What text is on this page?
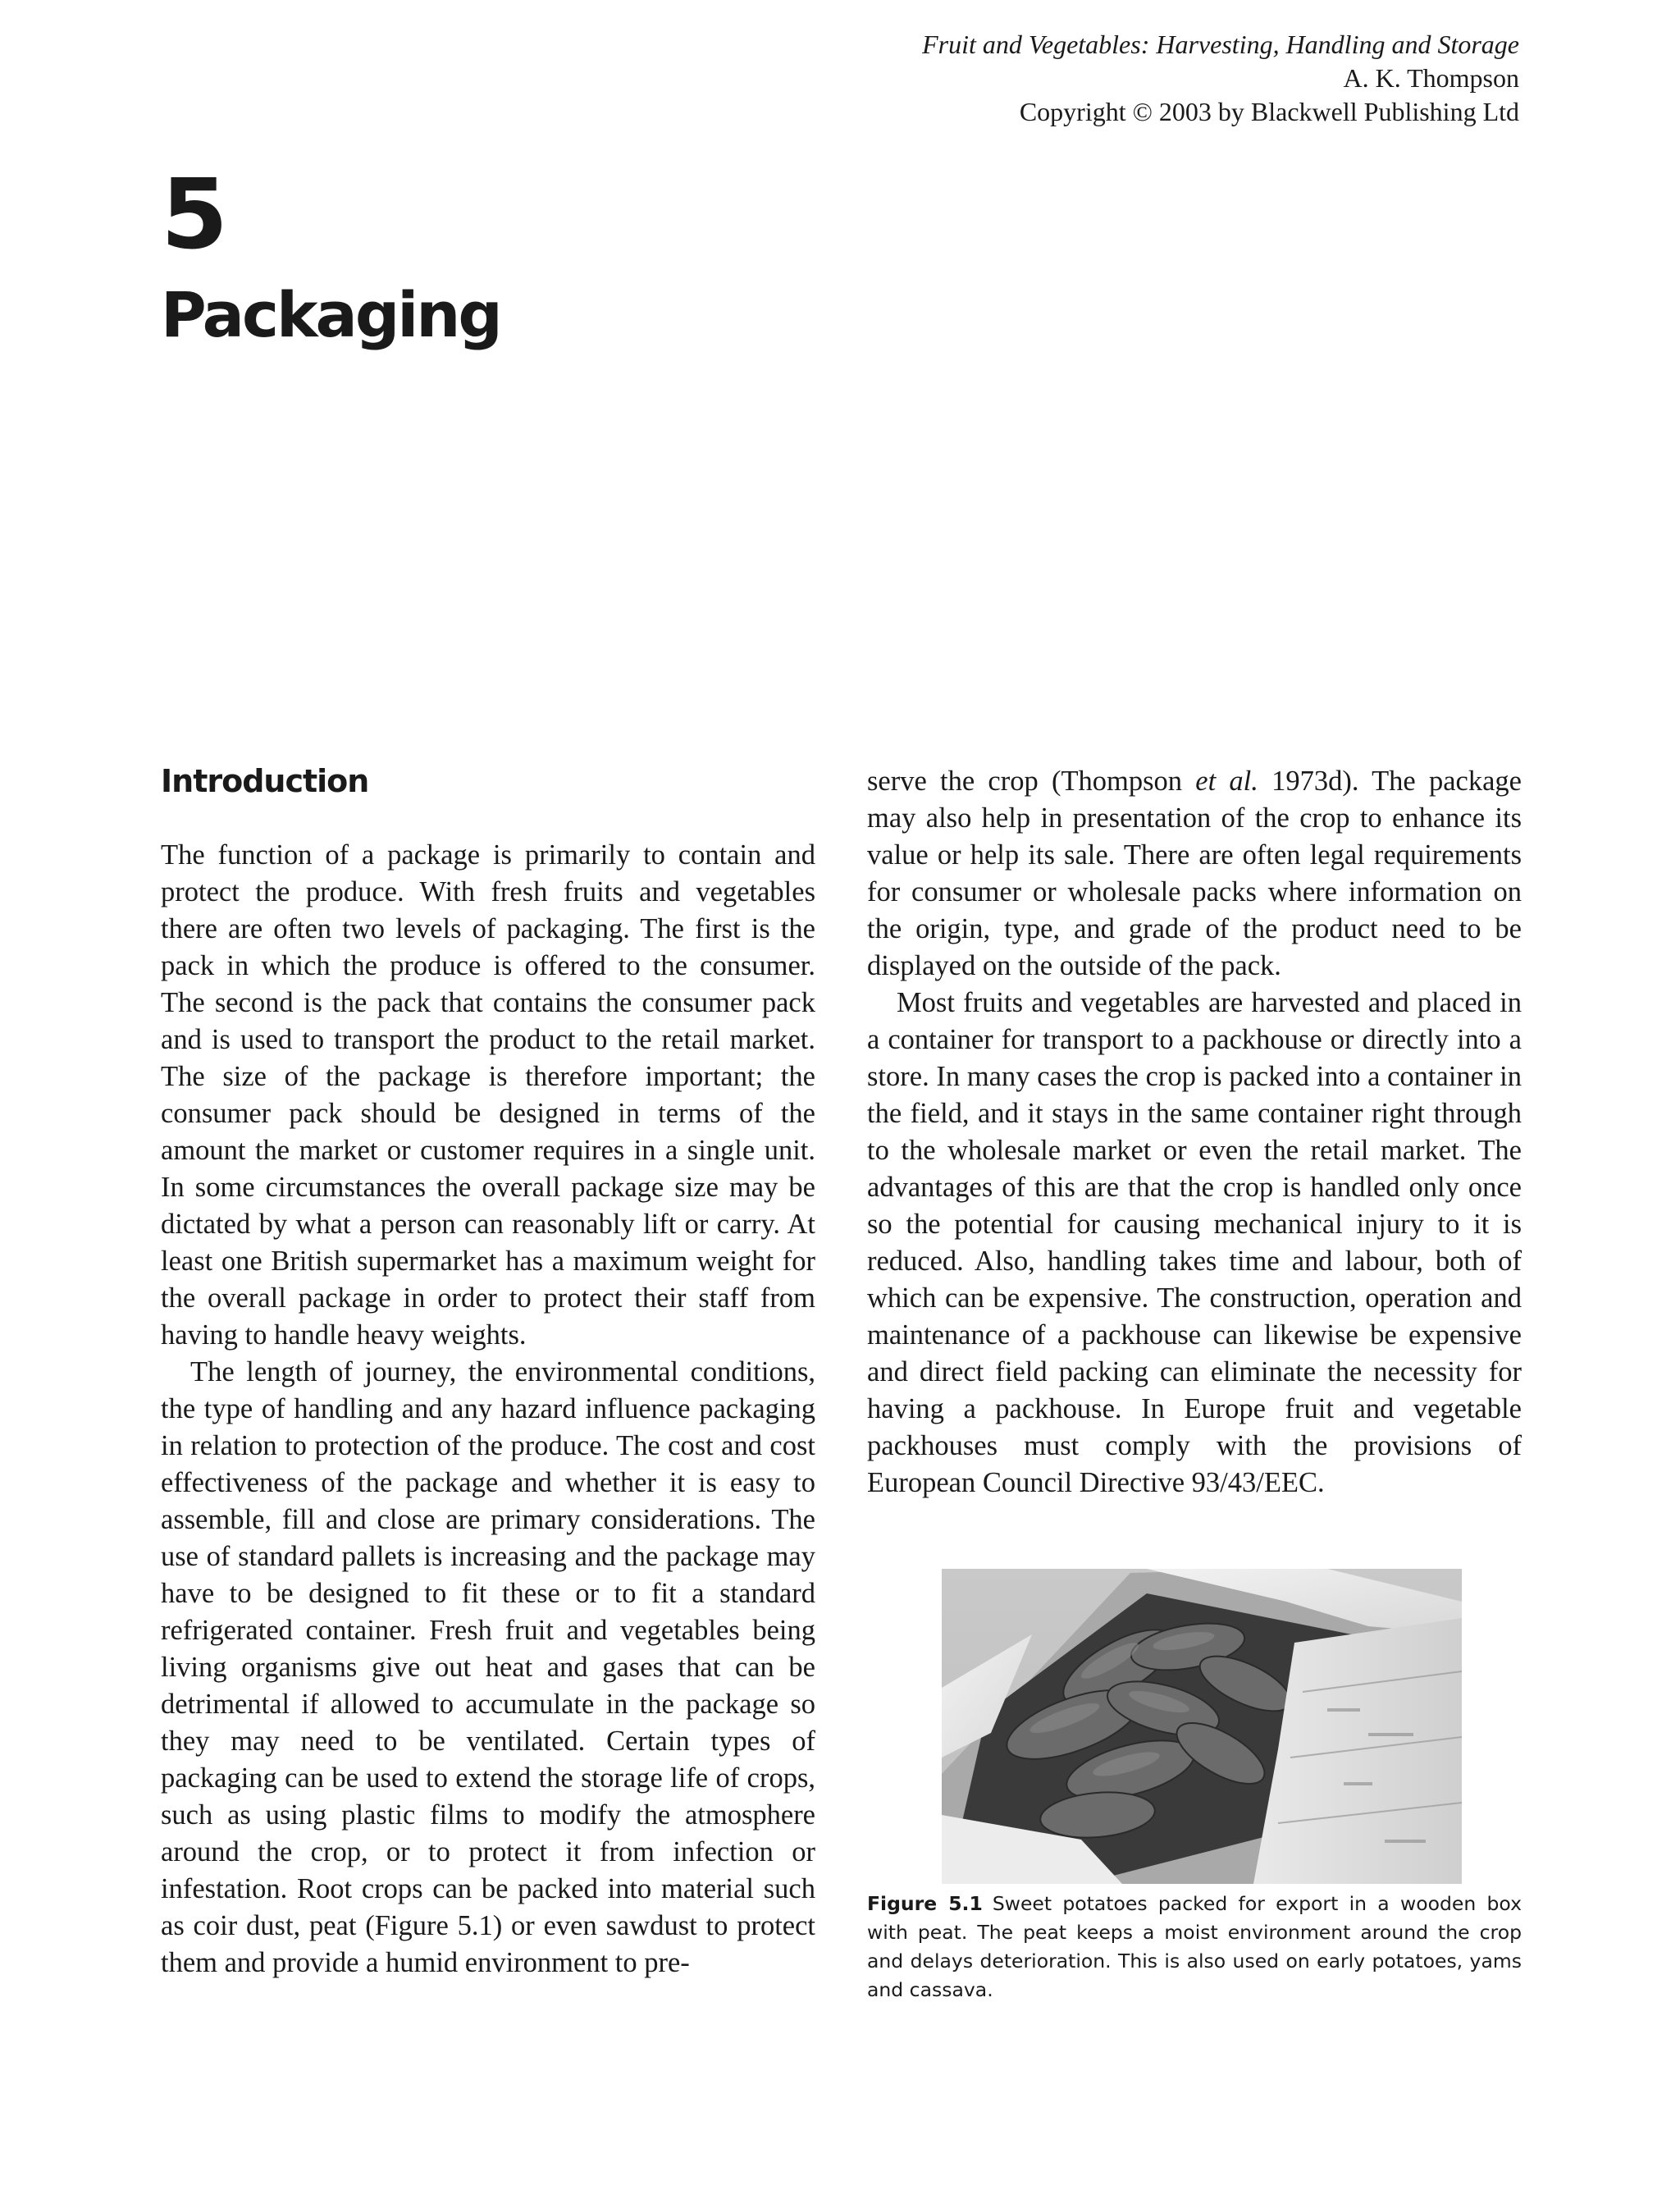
Fruit and Vegetables: Harvesting, Handling and Storage
A. K. Thompson
Copyright © 2003 by Blackwell Publishing Ltd
5
Packaging
Introduction

The function of a package is primarily to contain and protect the produce. With fresh fruits and vegetables there are often two levels of packaging. The first is the pack in which the produce is offered to the consumer. The second is the pack that contains the consumer pack and is used to transport the product to the retail market. The size of the package is therefore important; the consumer pack should be designed in terms of the amount the market or customer requires in a single unit. In some circumstances the overall package size may be dictated by what a person can reasonably lift or carry. At least one British supermarket has a maximum weight for the overall package in order to protect their staff from having to handle heavy weights.

The length of journey, the environmental conditions, the type of handling and any hazard influence packaging in relation to protection of the produce. The cost and cost effectiveness of the package and whether it is easy to assemble, fill and close are primary considerations. The use of standard pallets is increasing and the package may have to be designed to fit these or to fit a standard refrigerated container. Fresh fruit and vegetables being living organisms give out heat and gases that can be detrimental if allowed to accumulate in the package so they may need to be ventilated. Certain types of packaging can be used to extend the storage life of crops, such as using plastic films to modify the atmosphere around the crop, or to protect it from infection or infestation. Root crops can be packed into material such as coir dust, peat (Figure 5.1) or even sawdust to protect them and provide a humid environment to pre-

serve the crop (Thompson et al. 1973d). The package may also help in presentation of the crop to enhance its value or help its sale. There are often legal requirements for consumer or wholesale packs where information on the origin, type, and grade of the product need to be displayed on the outside of the pack.

Most fruits and vegetables are harvested and placed in a container for transport to a packhouse or directly into a store. In many cases the crop is packed into a container in the field, and it stays in the same container right through to the wholesale market or even the retail market. The advantages of this are that the crop is handled only once so the potential for causing mechanical injury to it is reduced. Also, handling takes time and labour, both of which can be expensive. The construction, operation and maintenance of a packhouse can likewise be expensive and direct field packing can eliminate the necessity for having a packhouse. In Europe fruit and vegetable packhouses must comply with the provisions of European Council Directive 93/43/EEC.

Figure 5.1 Sweet potatoes packed for export in a wooden box with peat. The peat keeps a moist environment around the crop and delays deterioration. This is also used on early potatoes, yams and cassava.
